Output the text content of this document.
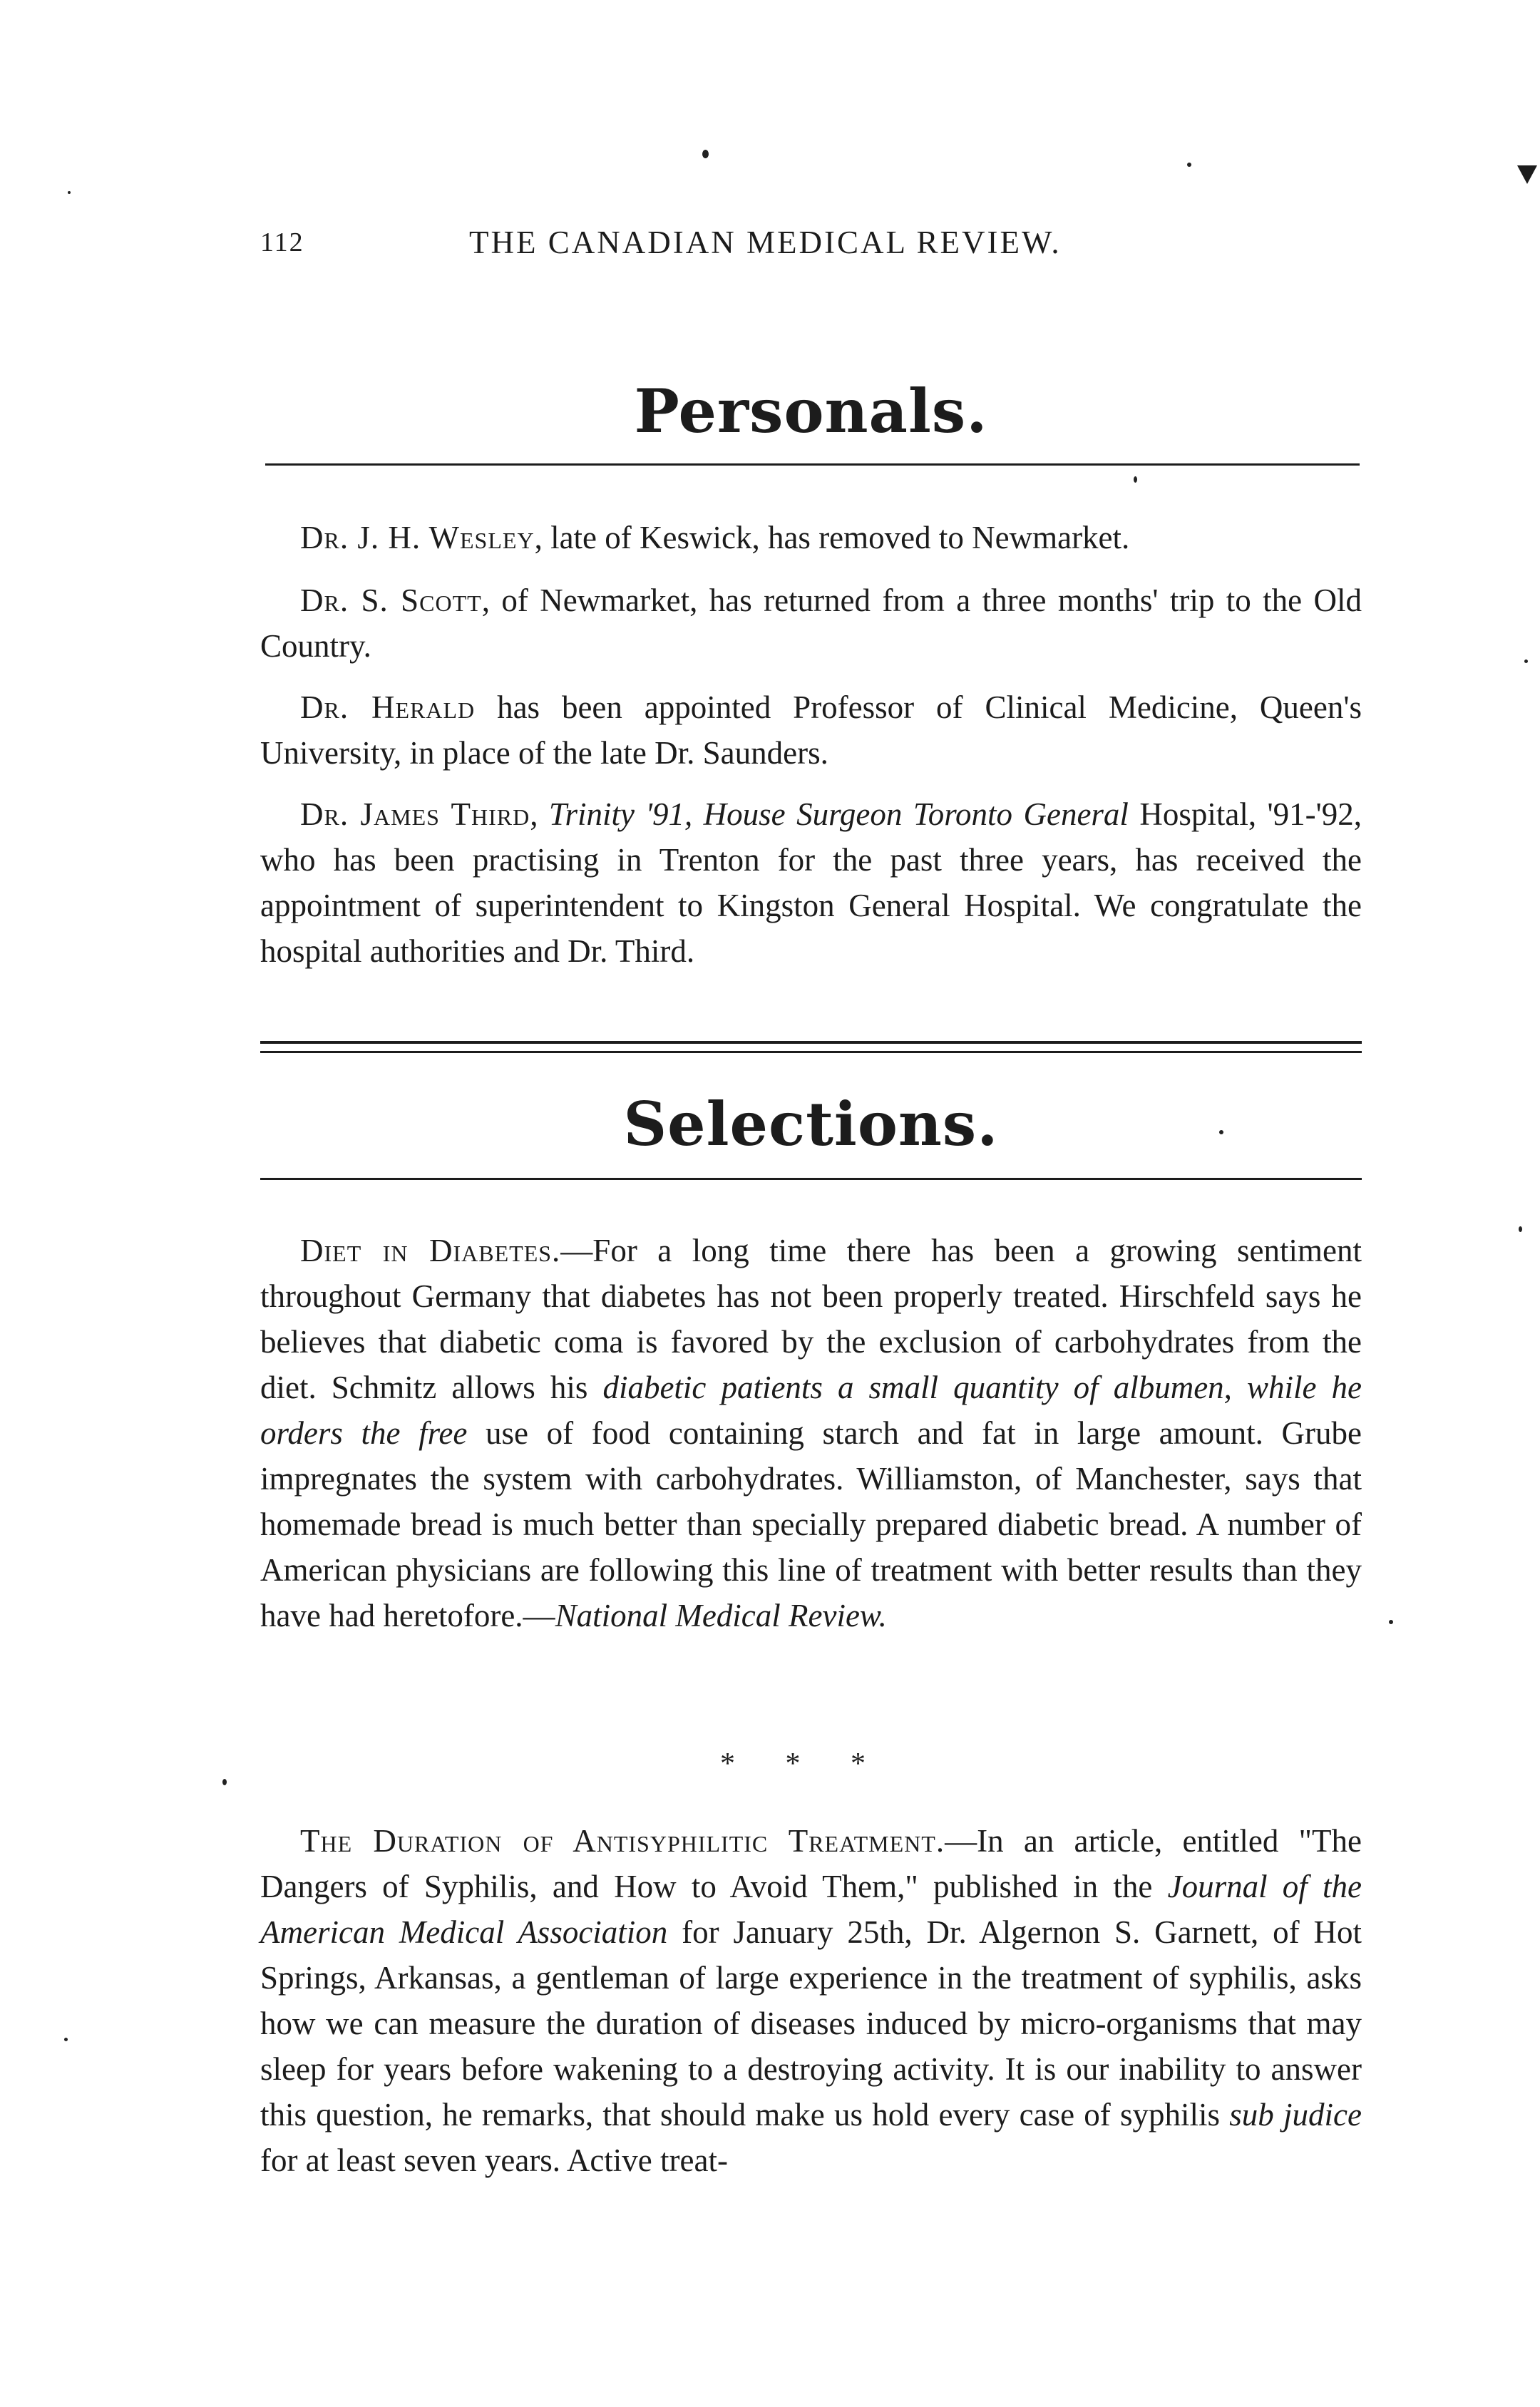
112	THE CANADIAN MEDICAL REVIEW.
Personals.

Dr. J. H. Wesley, late of Keswick, has removed to Newmarket.

Dr. S. Scott, of Newmarket, has returned from a three months' trip to the Old Country.

Dr. Herald has been appointed Professor of Clinical Medicine, Queen's University, in place of the late Dr. Saunders.

Dr. James Third, Trinity '91, House Surgeon Toronto General Hospital, '91-'92, who has been practising in Trenton for the past three years, has received the appointment of superintendent to Kingston General Hospital. We congratulate the hospital authorities and Dr. Third.

Selections.

Diet in Diabetes.—For a long time there has been a growing sentiment throughout Germany that diabetes has not been properly treated. Hirschfeld says he believes that diabetic coma is favored by the exclusion of carbohydrates from the diet. Schmitz allows his diabetic patients a small quantity of albumen, while he orders the free use of food containing starch and fat in large amount. Grube impregnates the system with carbohydrates. Williamston, of Manchester, says that homemade bread is much better than specially prepared diabetic bread. A number of American physicians are following this line of treatment with better results than they have had heretofore.—National Medical Review.

* * *

The Duration of Antisyphilitic Treatment.—In an article, entitled "The Dangers of Syphilis, and How to Avoid Them," published in the Journal of the American Medical Association for January 25th, Dr. Algernon S. Garnett, of Hot Springs, Arkansas, a gentleman of large experience in the treatment of syphilis, asks how we can measure the duration of diseases induced by micro-organisms that may sleep for years before wakening to a destroying activity. It is our inability to answer this question, he remarks, that should make us hold every case of syphilis sub judice for at least seven years. Active treat-
